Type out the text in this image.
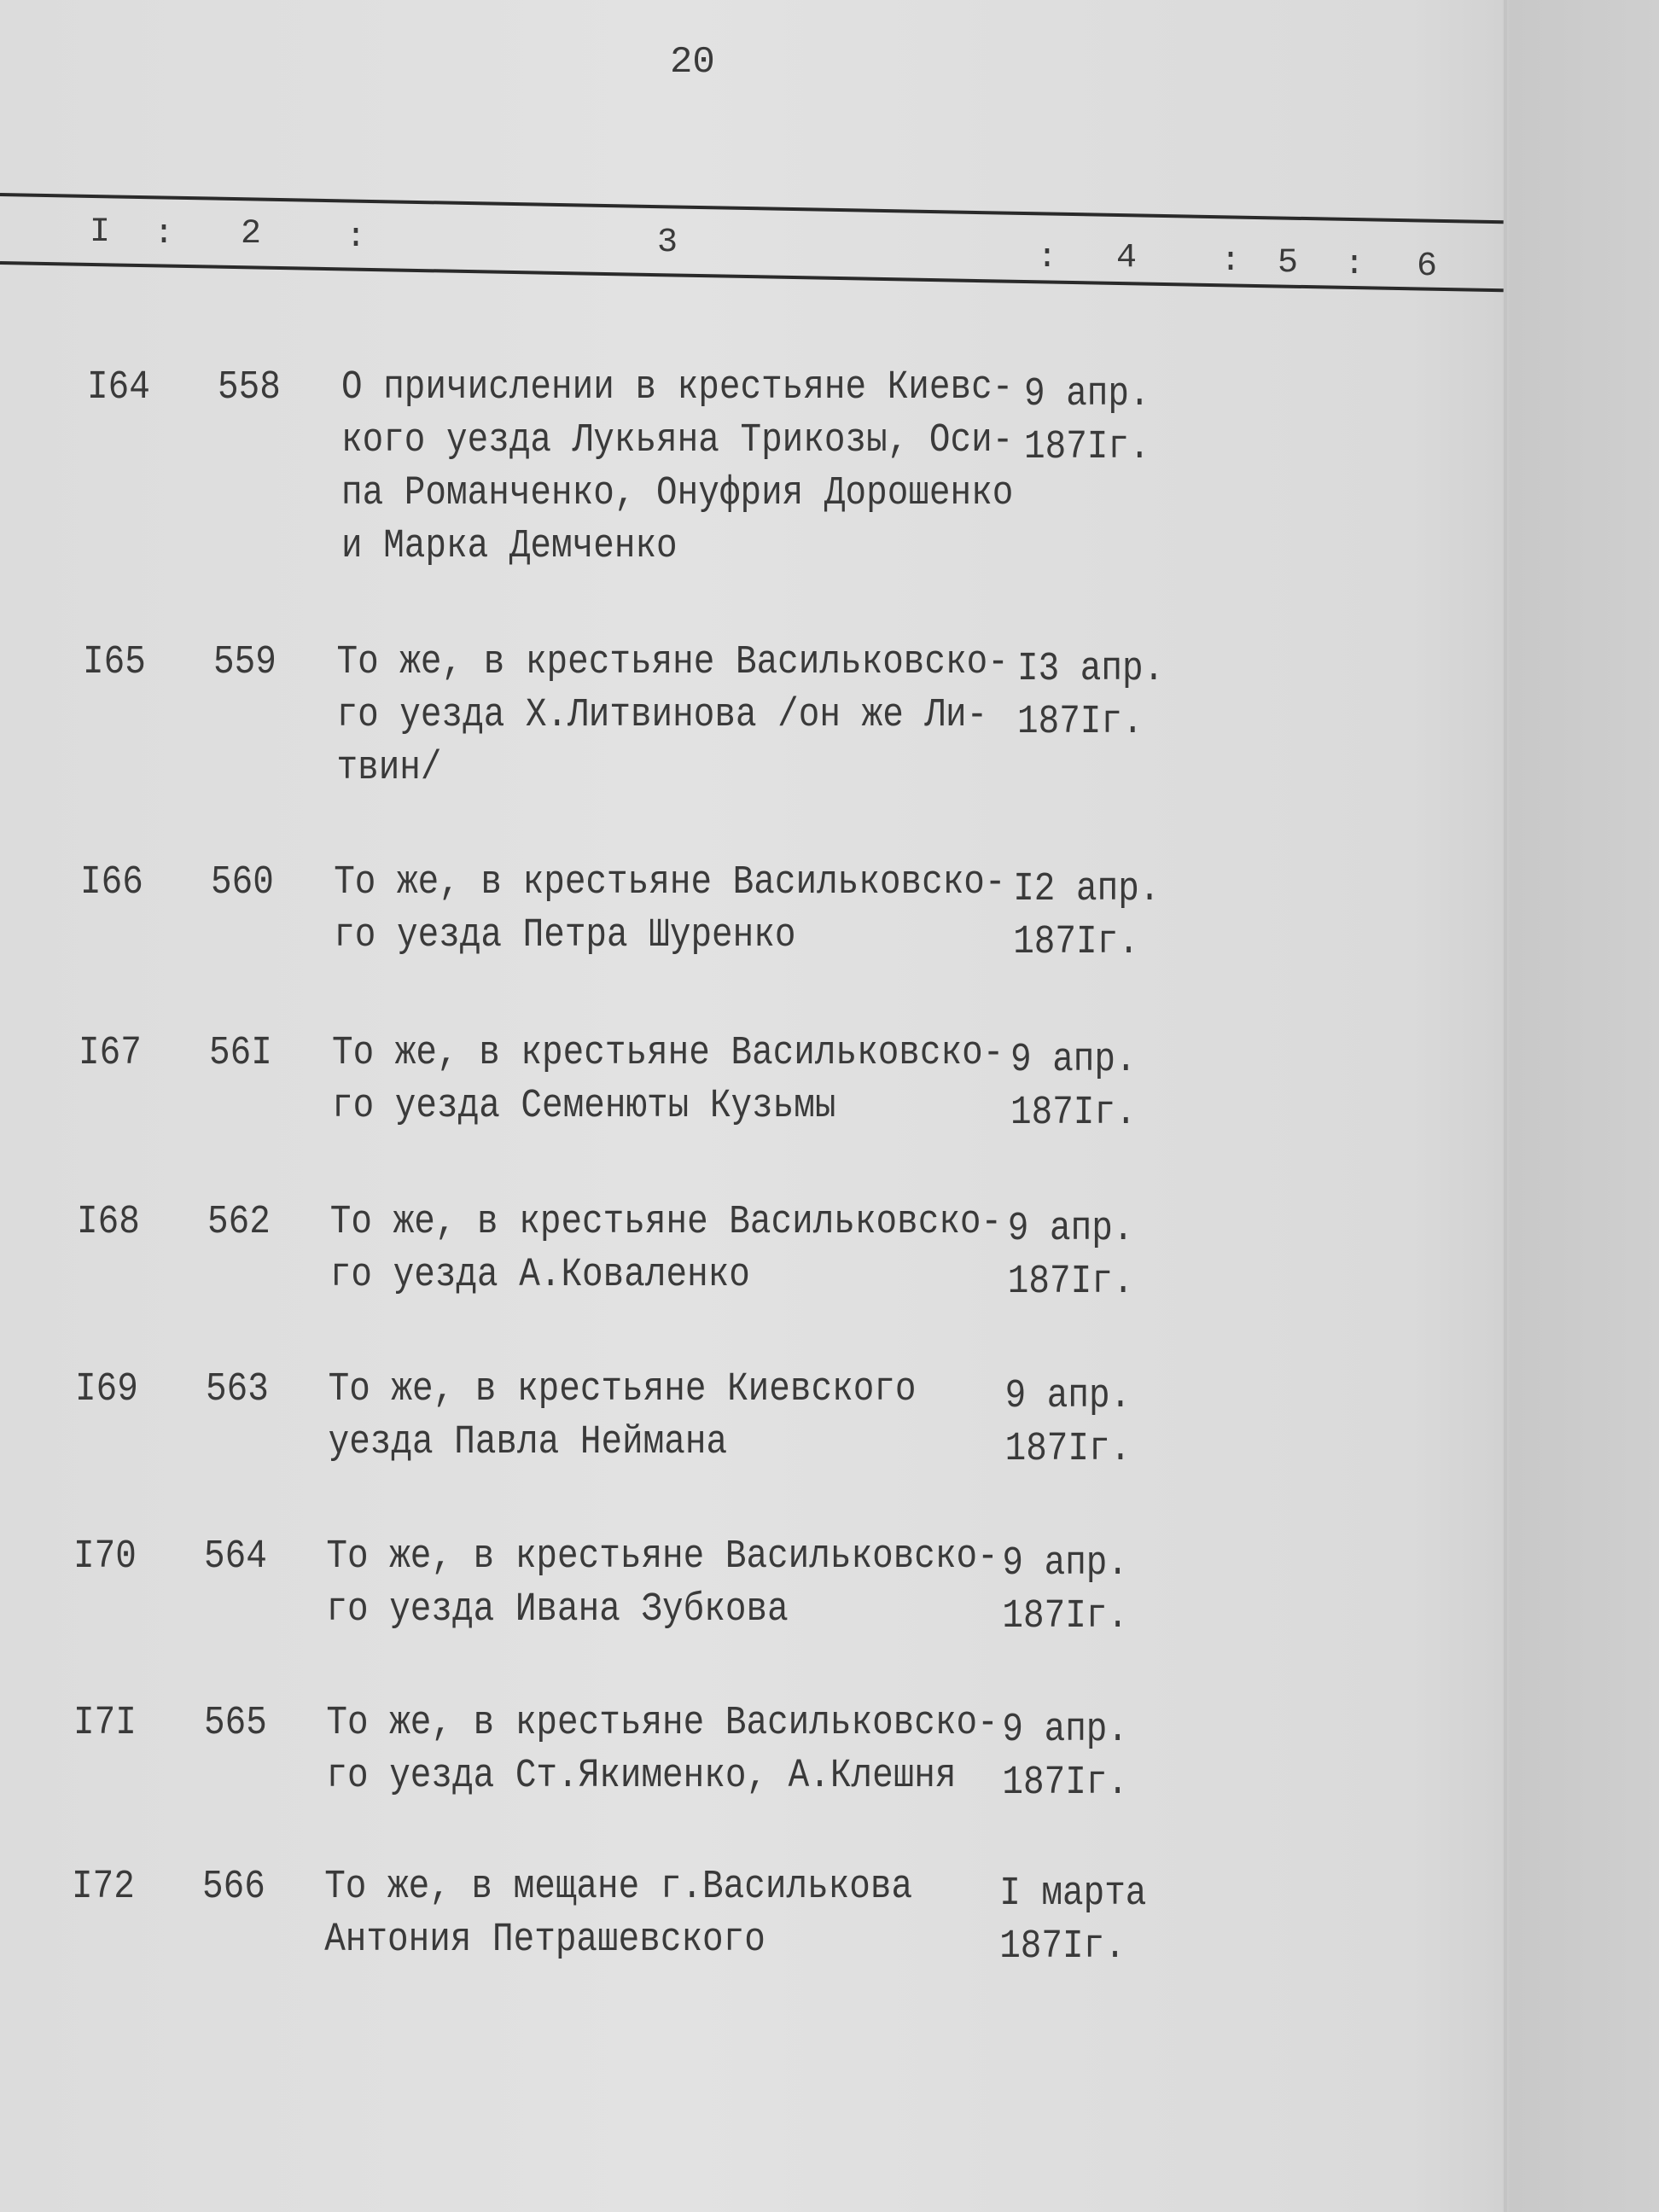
20
I : 2 :	3	: 4 : 5 : 6
I64 558 О причислении в крестьяне Киевс-
кого уезда Лукьяна Трикозы, Оси-
па Романченко, Онуфрия Дорошенко
и Марка Демченко
9 апр.
187Iг.
I65 559 То же, в крестьяне Васильковско-
го уезда Х.Литвинова /он же Ли-
твин/
I3 апр.
187Iг.
I66 560 То же, в крестьяне Васильковско-
го уезда Петра Шуренко
I2 апр.
187Iг.
I67 56I То же, в крестьяне Васильковско-
го уезда Семенюты Кузьмы
9 апр.
187Iг.
I68 562 То же, в крестьяне Васильковско-
го уезда А.Коваленко
9 апр.
187Iг.
I69 563 То же, в крестьяне Киевского
уезда Павла Неймана
9 апр.
187Iг.
I70 564 То же, в крестьяне Васильковско-
го уезда Ивана Зубкова
9 апр.
187Iг.
I7I 565 То же, в крестьяне Васильковско-
го уезда Ст.Якименко, А.Клешня
9 апр.
187Iг.
I72 566 То же, в мещане г.Василькова
Антония Петрашевского
I марта
187Iг.
